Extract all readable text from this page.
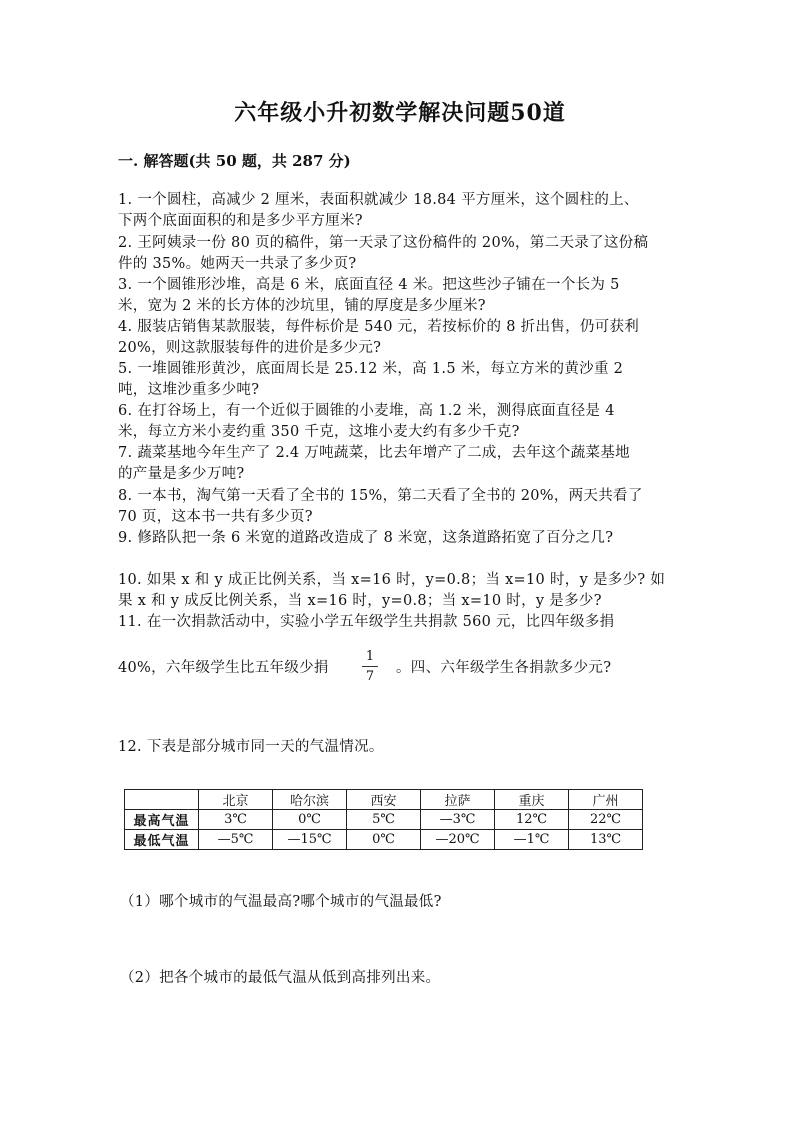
六年级小升初数学解决问题50道
一. 解答题(共 50 题，共 287 分)
1. 一个圆柱，高减少 2 厘米，表面积就减少 18.84 平方厘米，这个圆柱的上、
下两个底面面积的和是多少平方厘米?
2. 王阿姨录一份 80 页的稿件，第一天录了这份稿件的 20%，第二天录了这份稿
件的 35%。她两天一共录了多少页?
3. 一个圆锥形沙堆，高是 6 米，底面直径 4 米。把这些沙子铺在一个长为 5
米，宽为 2 米的长方体的沙坑里，铺的厚度是多少厘米?
4. 服装店销售某款服装，每件标价是 540 元，若按标价的 8 折出售，仍可获利
20%，则这款服装每件的进价是多少元?
5. 一堆圆锥形黄沙，底面周长是 25.12 米，高 1.5 米，每立方米的黄沙重 2
吨，这堆沙重多少吨?
6. 在打谷场上，有一个近似于圆锥的小麦堆，高 1.2 米，测得底面直径是 4
米，每立方米小麦约重 350 千克，这堆小麦大约有多少千克?
7. 蔬菜基地今年生产了 2.4 万吨蔬菜，比去年增产了二成，去年这个蔬菜基地
的产量是多少万吨?
8. 一本书，淘气第一天看了全书的 15%，第二天看了全书的 20%，两天共看了
70 页，这本书一共有多少页?
9. 修路队把一条 6 米宽的道路改造成了 8 米宽，这条道路拓宽了百分之几?
10. 如果 x 和 y 成正比例关系，当 x=16 时，y=0.8；当 x=10 时，y 是多少? 如
果 x 和 y 成反比例关系，当 x=16 时，y=0.8；当 x=10 时，y 是多少?
11. 在一次捐款活动中，实验小学五年级学生共捐款 560 元，比四年级多捐
40%，六年级学生比五年级少捐
1
7
。四、六年级学生各捐款多少元?
12. 下表是部分城市同一天的气温情况。
	北京	哈尔滨	西安	拉萨	重庆	广州
最高气温	3℃	0℃	5℃	—3℃	12℃	22℃
最低气温	—5℃	—15℃	0℃	—20℃	—1℃	13℃
（1）哪个城市的气温最高?哪个城市的气温最低?
（2）把各个城市的最低气温从低到高排列出来。
